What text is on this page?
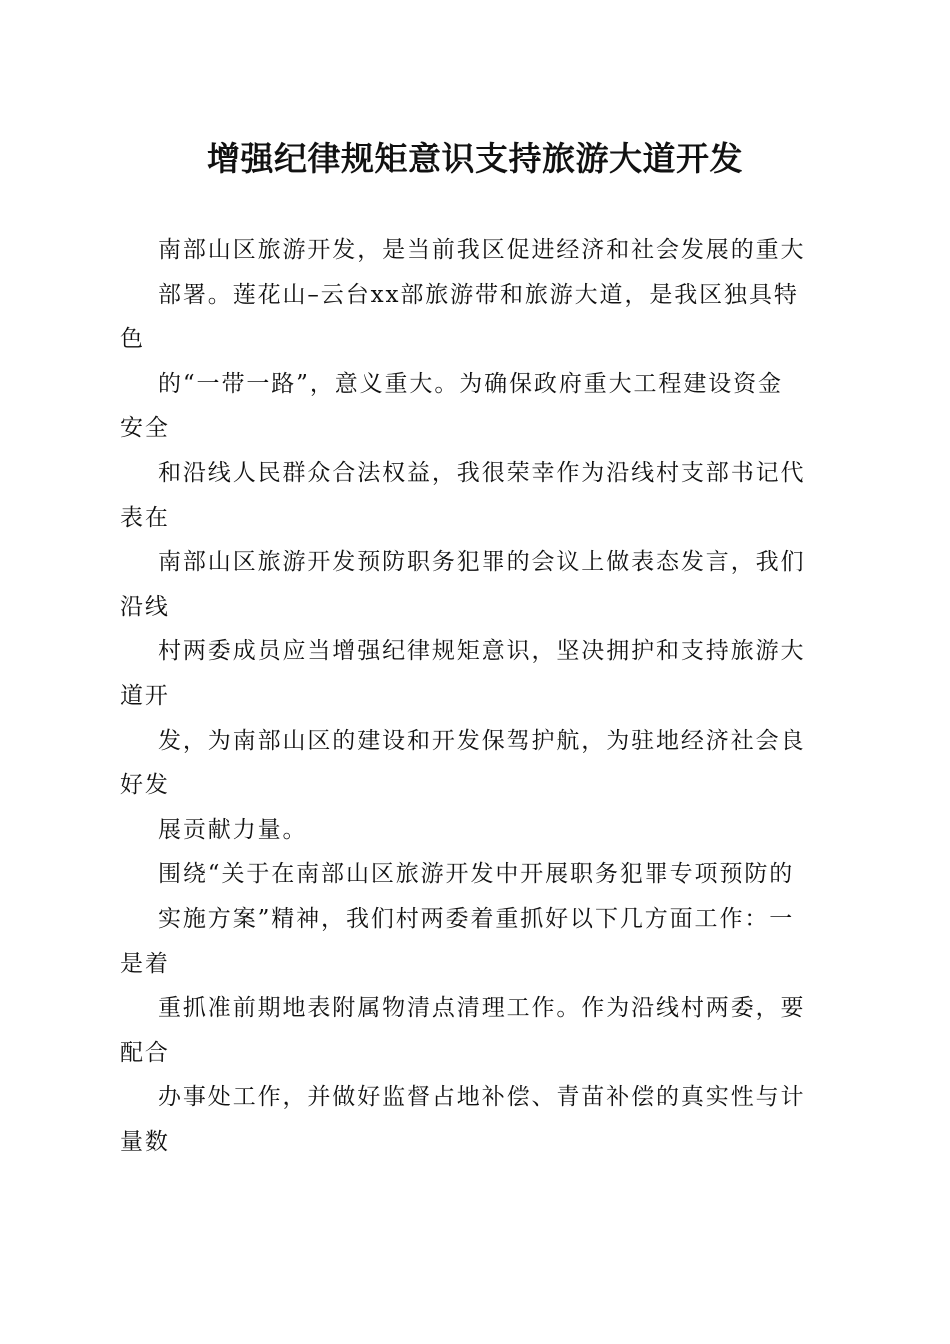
增强纪律规矩意识支持旅游大道开发
南部山区旅游开发，是当前我区促进经济和社会发展的重大
部署。莲花山–云台xx部旅游带和旅游大道，是我区独具特
色
的“一带一路”，意义重大。为确保政府重大工程建设资金
安全
和沿线人民群众合法权益，我很荣幸作为沿线村支部书记代
表在
南部山区旅游开发预防职务犯罪的会议上做表态发言，我们
沿线
村两委成员应当增强纪律规矩意识，坚决拥护和支持旅游大
道开
发，为南部山区的建设和开发保驾护航，为驻地经济社会良
好发
展贡献力量。
围绕“关于在南部山区旅游开发中开展职务犯罪专项预防的
实施方案”精神，我们村两委着重抓好以下几方面工作：一
是着
重抓准前期地表附属物清点清理工作。作为沿线村两委，要
配合
办事处工作，并做好监督占地补偿、青苗补偿的真实性与计
量数
